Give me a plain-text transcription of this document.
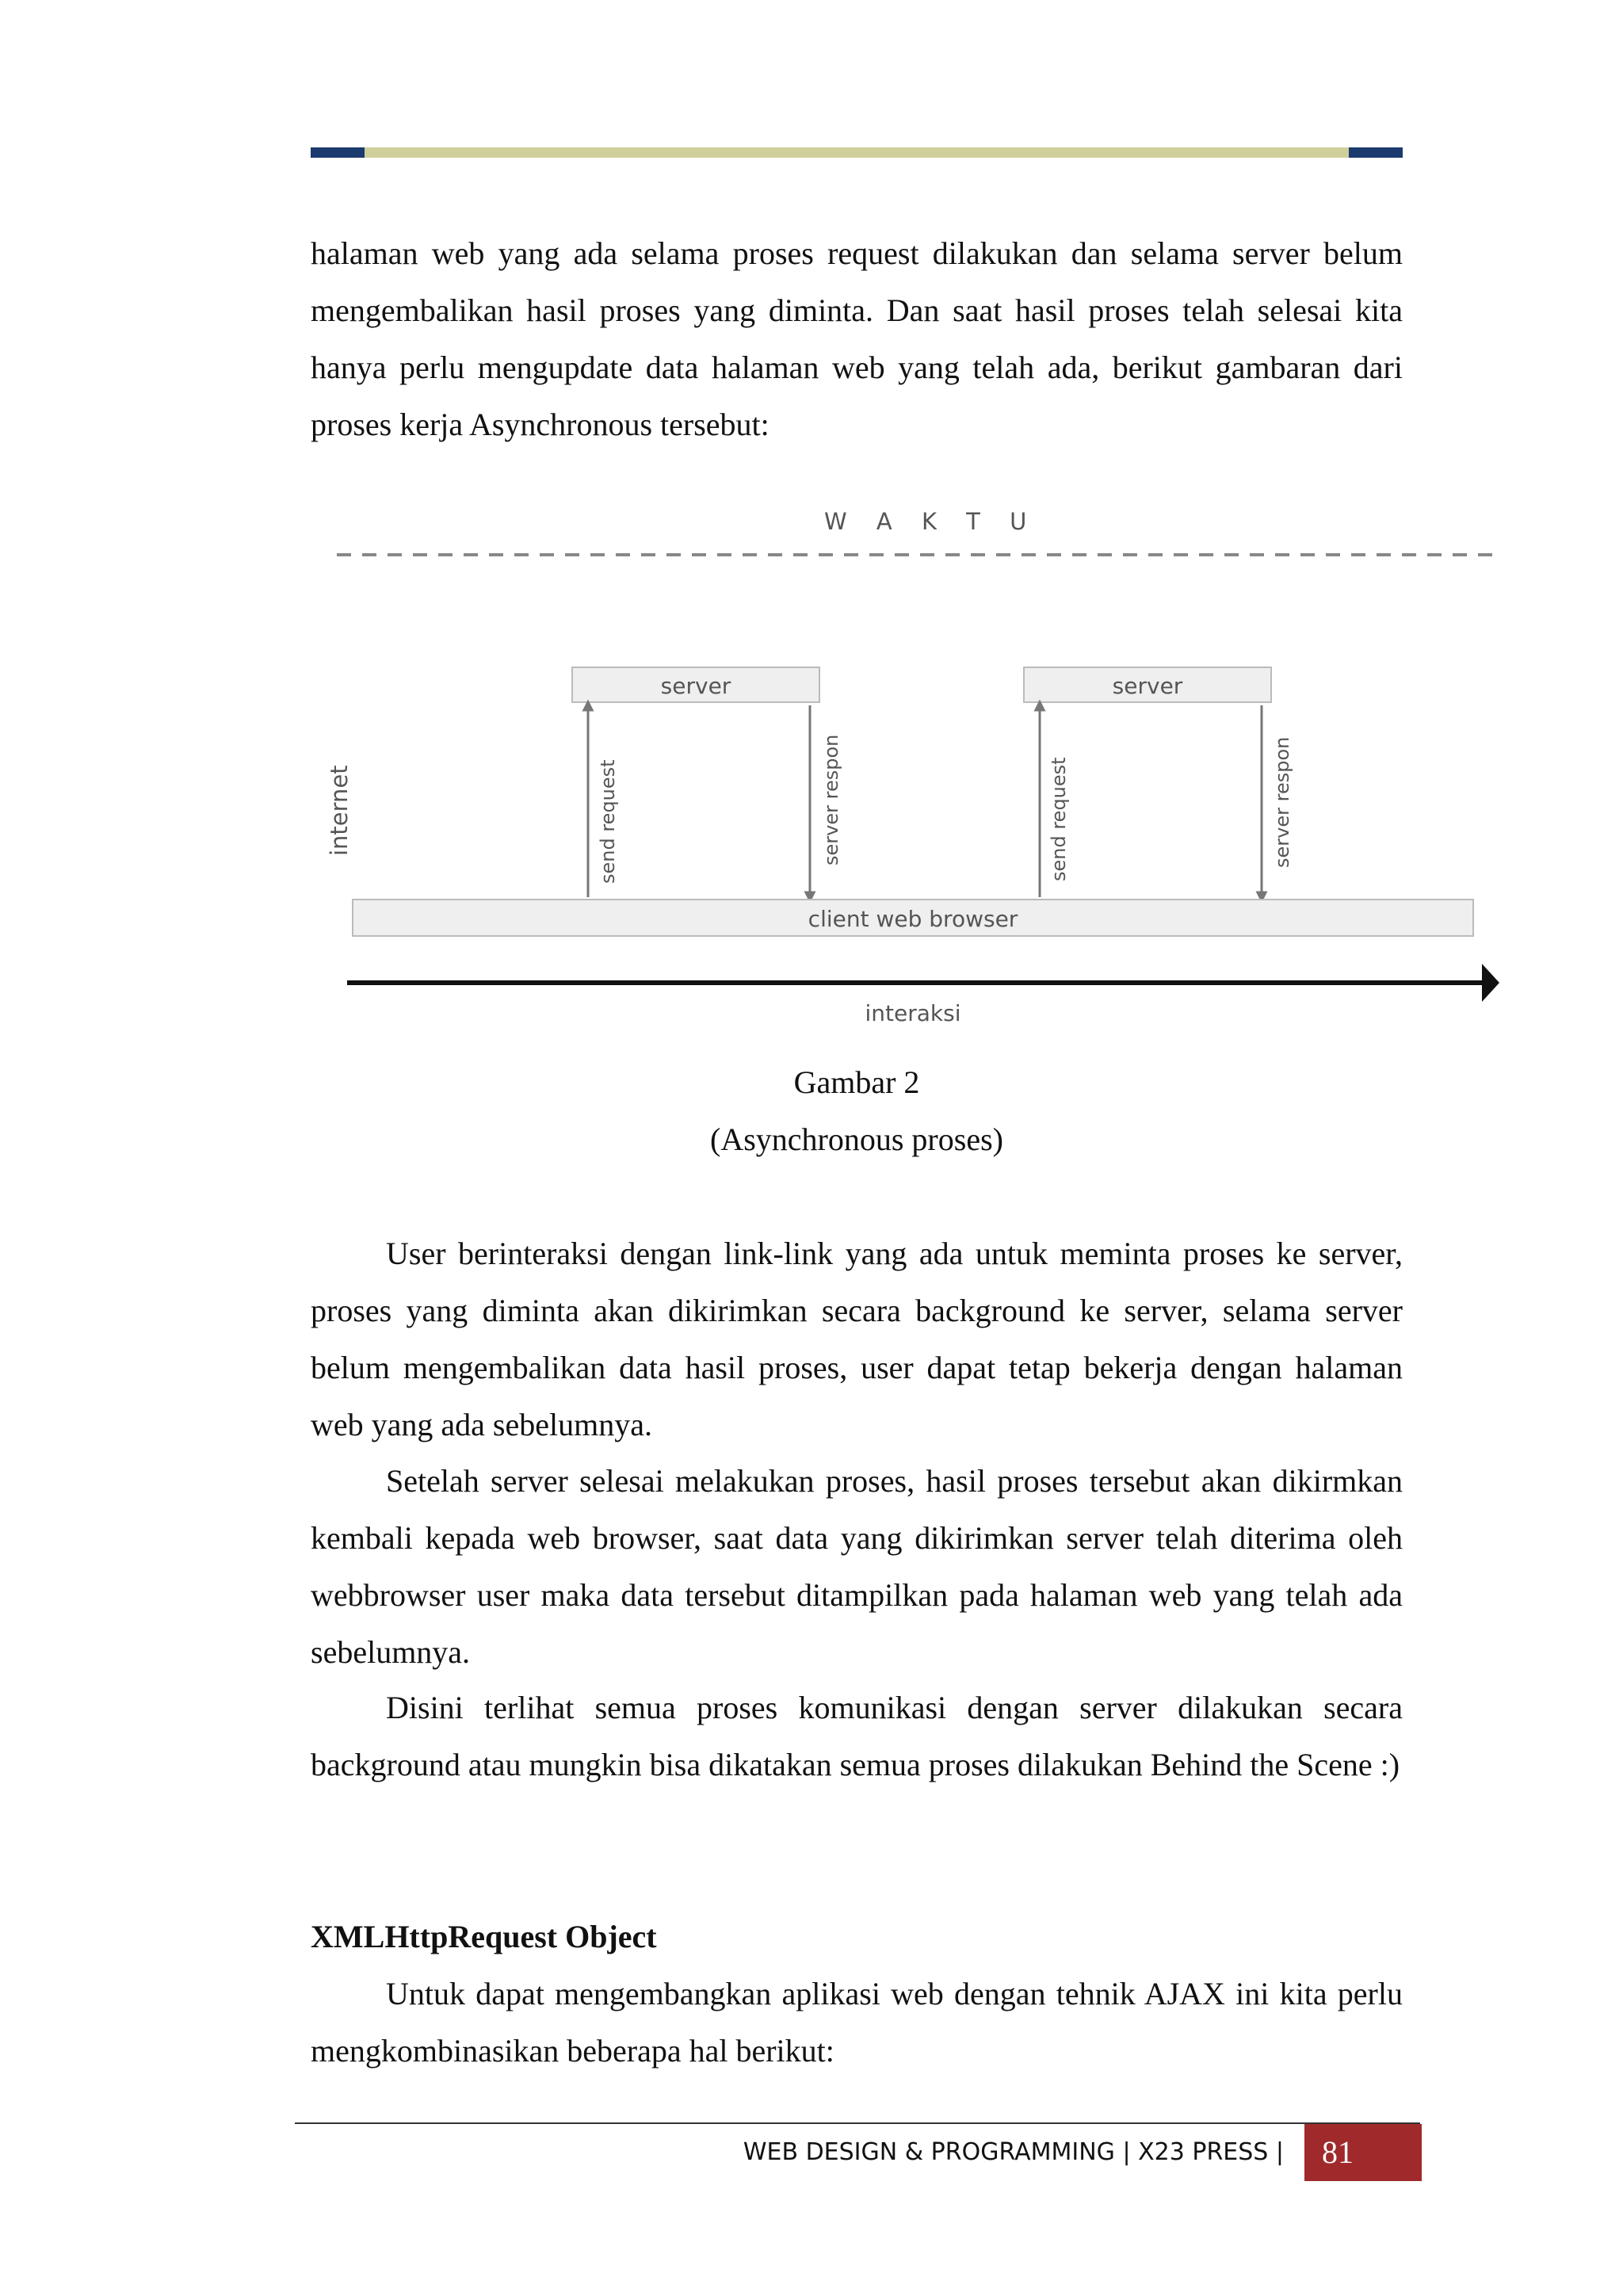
halaman web yang ada selama proses request dilakukan dan selama server belum mengembalikan hasil proses yang diminta. Dan saat hasil proses telah selesai kita hanya perlu mengupdate data halaman web yang telah ada, berikut gambaran dari proses kerja Asynchronous tersebut:

W A K T U
internet
server	server
send request	server respon	send request	server respon
client web browser
interaksi
Gambar 2
(Asynchronous proses)

User berinteraksi dengan link-link yang ada untuk meminta proses ke server, proses yang diminta akan dikirimkan secara background ke server, selama server belum mengembalikan data hasil proses, user dapat tetap bekerja dengan halaman web yang ada sebelumnya.

Setelah server selesai melakukan proses, hasil proses tersebut akan dikirmkan kembali kepada web browser, saat data yang dikirimkan server telah diterima oleh webbrowser user maka data tersebut ditampilkan pada halaman web yang telah ada sebelumnya.

Disini terlihat semua proses komunikasi dengan server dilakukan secara background atau mungkin bisa dikatakan semua proses dilakukan Behind the Scene :)

XMLHttpRequest Object

Untuk dapat mengembangkan aplikasi web dengan tehnik AJAX ini kita perlu mengkombinasikan beberapa hal berikut:

WEB DESIGN & PROGRAMMING | X23 PRESS |	81
